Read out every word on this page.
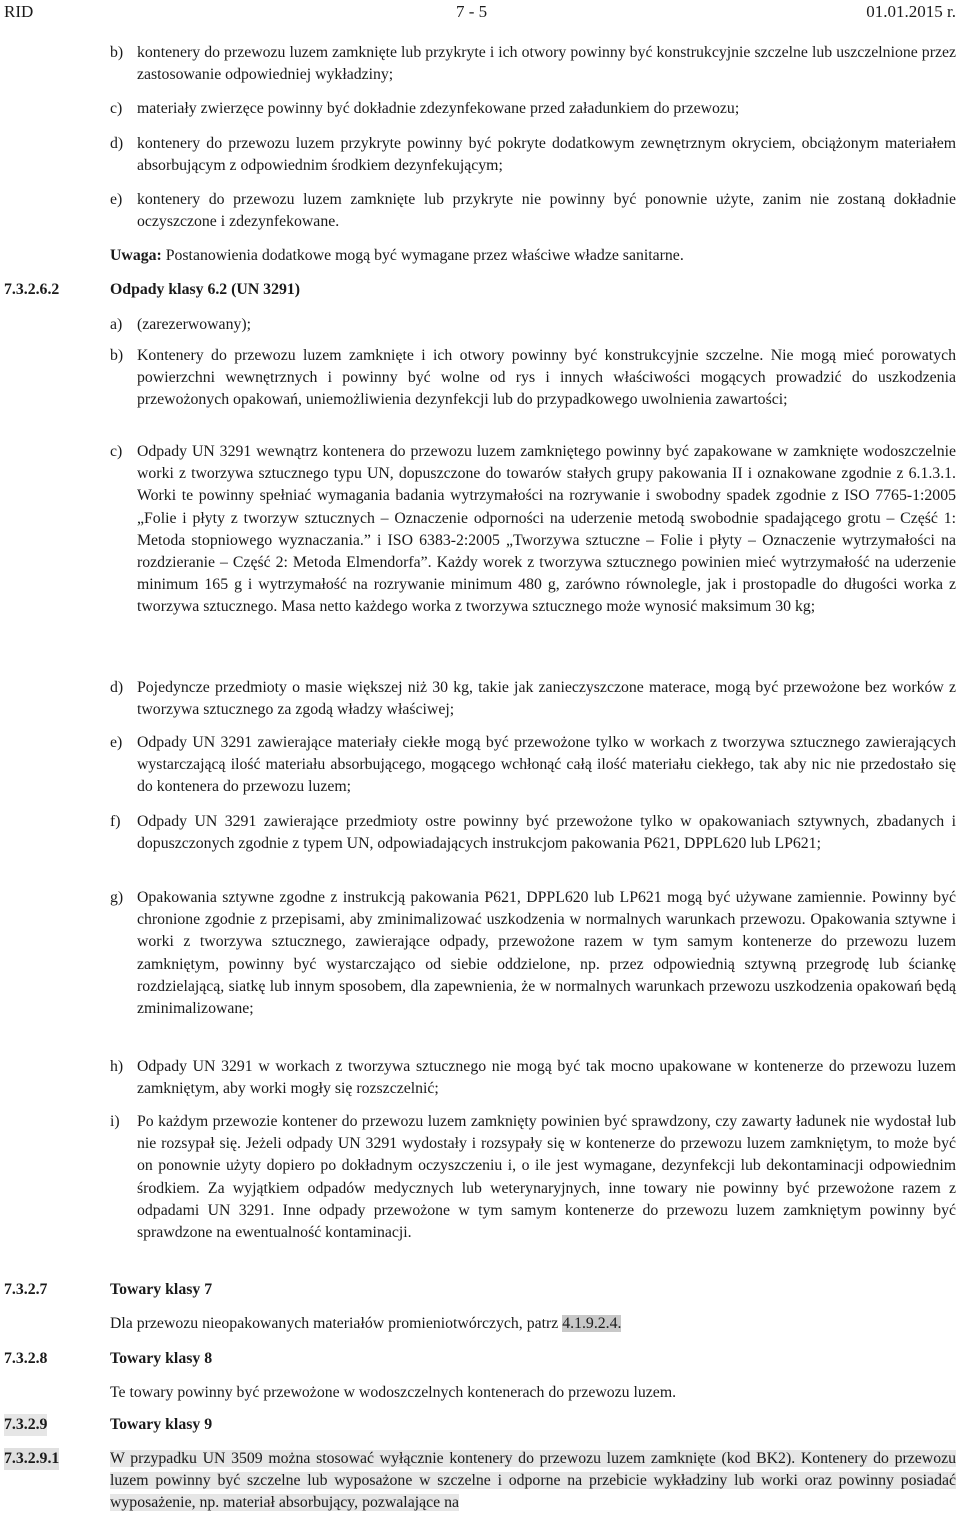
RID	7 - 5	01.01.2015 r.
b) kontenery do przewozu luzem zamknięte lub przykryte i ich otwory powinny być konstrukcyjnie szczelne lub uszczelnione przez zastosowanie odpowiedniej wykładziny;
c) materiały zwierzęce powinny być dokładnie zdezynfekowane przed załadunkiem do przewozu;
d) kontenery do przewozu luzem przykryte powinny być pokryte dodatkowym zewnętrznym okryciem, obciążonym materiałem absorbującym z odpowiednim środkiem dezynfekującym;
e) kontenery do przewozu luzem zamknięte lub przykryte nie powinny być ponownie użyte, zanim nie zostaną dokładnie oczyszczone i zdezynfekowane.
Uwaga: Postanowienia dodatkowe mogą być wymagane przez właściwe władze sanitarne.
7.3.2.6.2	Odpady klasy 6.2 (UN 3291)
a) (zarezerwowany);
b) Kontenery do przewozu luzem zamknięte i ich otwory powinny być konstrukcyjnie szczelne. Nie mogą mieć porowatych powierzchni wewnętrznych i powinny być wolne od rys i innych właściwości mogących prowadzić do uszkodzenia przewożonych opakowań, uniemożliwienia dezynfekcji lub do przypadkowego uwolnienia zawartości;
c) Odpady UN 3291 wewnątrz kontenera do przewozu luzem zamkniętego powinny być zapakowane w zamknięte wodoszczelnie worki z tworzywa sztucznego typu UN, dopuszczone do towarów stałych grupy pakowania II i oznakowane zgodnie z 6.1.3.1. Worki te powinny spełniać wymagania badania wytrzymałości na rozrywanie i swobodny spadek zgodnie z ISO 7765-1:2005 „Folie i płyty z tworzyw sztucznych – Oznaczenie odporności na uderzenie metodą swobodnie spadającego grotu – Część 1: Metoda stopniowego wyznaczania.” i ISO 6383-2:2005 „Tworzywa sztuczne – Folie i płyty – Oznaczenie wytrzymałości na rozdzieranie – Część 2: Metoda Elmendorfa”. Każdy worek z tworzywa sztucznego powinien mieć wytrzymałość na uderzenie minimum 165 g i wytrzymałość na rozrywanie minimum 480 g, zarówno równolegle, jak i prostopadle do długości worka z tworzywa sztucznego. Masa netto każdego worka z tworzywa sztucznego może wynosić maksimum 30 kg;
d) Pojedyncze przedmioty o masie większej niż 30 kg, takie jak zanieczyszczone materace, mogą być przewożone bez worków z tworzywa sztucznego za zgodą władzy właściwej;
e) Odpady UN 3291 zawierające materiały ciekłe mogą być przewożone tylko w workach z tworzywa sztucznego zawierających wystarczającą ilość materiału absorbującego, mogącego wchłonąć całą ilość materiału ciekłego, tak aby nic nie przedostało się do kontenera do przewozu luzem;
f) Odpady UN 3291 zawierające przedmioty ostre powinny być przewożone tylko w opakowaniach sztywnych, zbadanych i dopuszczonych zgodnie z typem UN, odpowiadających instrukcjom pakowania P621, DPPL620 lub LP621;
g) Opakowania sztywne zgodne z instrukcją pakowania P621, DPPL620 lub LP621 mogą być używane zamiennie. Powinny być chronione zgodnie z przepisami, aby zminimalizować uszkodzenia w normalnych warunkach przewozu. Opakowania sztywne i worki z tworzywa sztucznego, zawierające odpady, przewożone razem w tym samym kontenerze do przewozu luzem zamkniętym, powinny być wystarczająco od siebie oddzielone, np. przez odpowiednią sztywną przegrodę lub ściankę rozdzielającą, siatkę lub innym sposobem, dla zapewnienia, że w normalnych warunkach przewozu uszkodzenia opakowań będą zminimalizowane;
h) Odpady UN 3291 w workach z tworzywa sztucznego nie mogą być tak mocno upakowane w kontenerze do przewozu luzem zamkniętym, aby worki mogły się rozszczelnić;
i) Po każdym przewozie kontener do przewozu luzem zamknięty powinien być sprawdzony, czy zawarty ładunek nie wydostał lub nie rozsypał się. Jeżeli odpady UN 3291 wydostały i rozsypały się w kontenerze do przewozu luzem zamkniętym, to może być on ponownie użyty dopiero po dokładnym oczyszczeniu i, o ile jest wymagane, dezynfekcji lub dekontaminacji odpowiednim środkiem. Za wyjątkiem odpadów medycznych lub weterynaryjnych, inne towary nie powinny być przewożone razem z odpadami UN 3291. Inne odpady przewożone w tym samym kontenerze do przewozu luzem zamkniętym powinny być sprawdzone na ewentualność kontaminacji.
7.3.2.7	Towary klasy 7
Dla przewozu nieopakowanych materiałów promieniotwórczych, patrz 4.1.9.2.4.
7.3.2.8	Towary klasy 8
Te towary powinny być przewożone w wodoszczelnych kontenerach do przewozu luzem.
7.3.2.9	Towary klasy 9
7.3.2.9.1	W przypadku UN 3509 można stosować wyłącznie kontenery do przewozu luzem zamknięte (kod BK2). Kontenery do przewozu luzem powinny być szczelne lub wyposażone w szczelne i odporne na przebicie wykładziny lub worki oraz powinny posiadać wyposażenie, np. materiał absorbujący, pozwalające na
